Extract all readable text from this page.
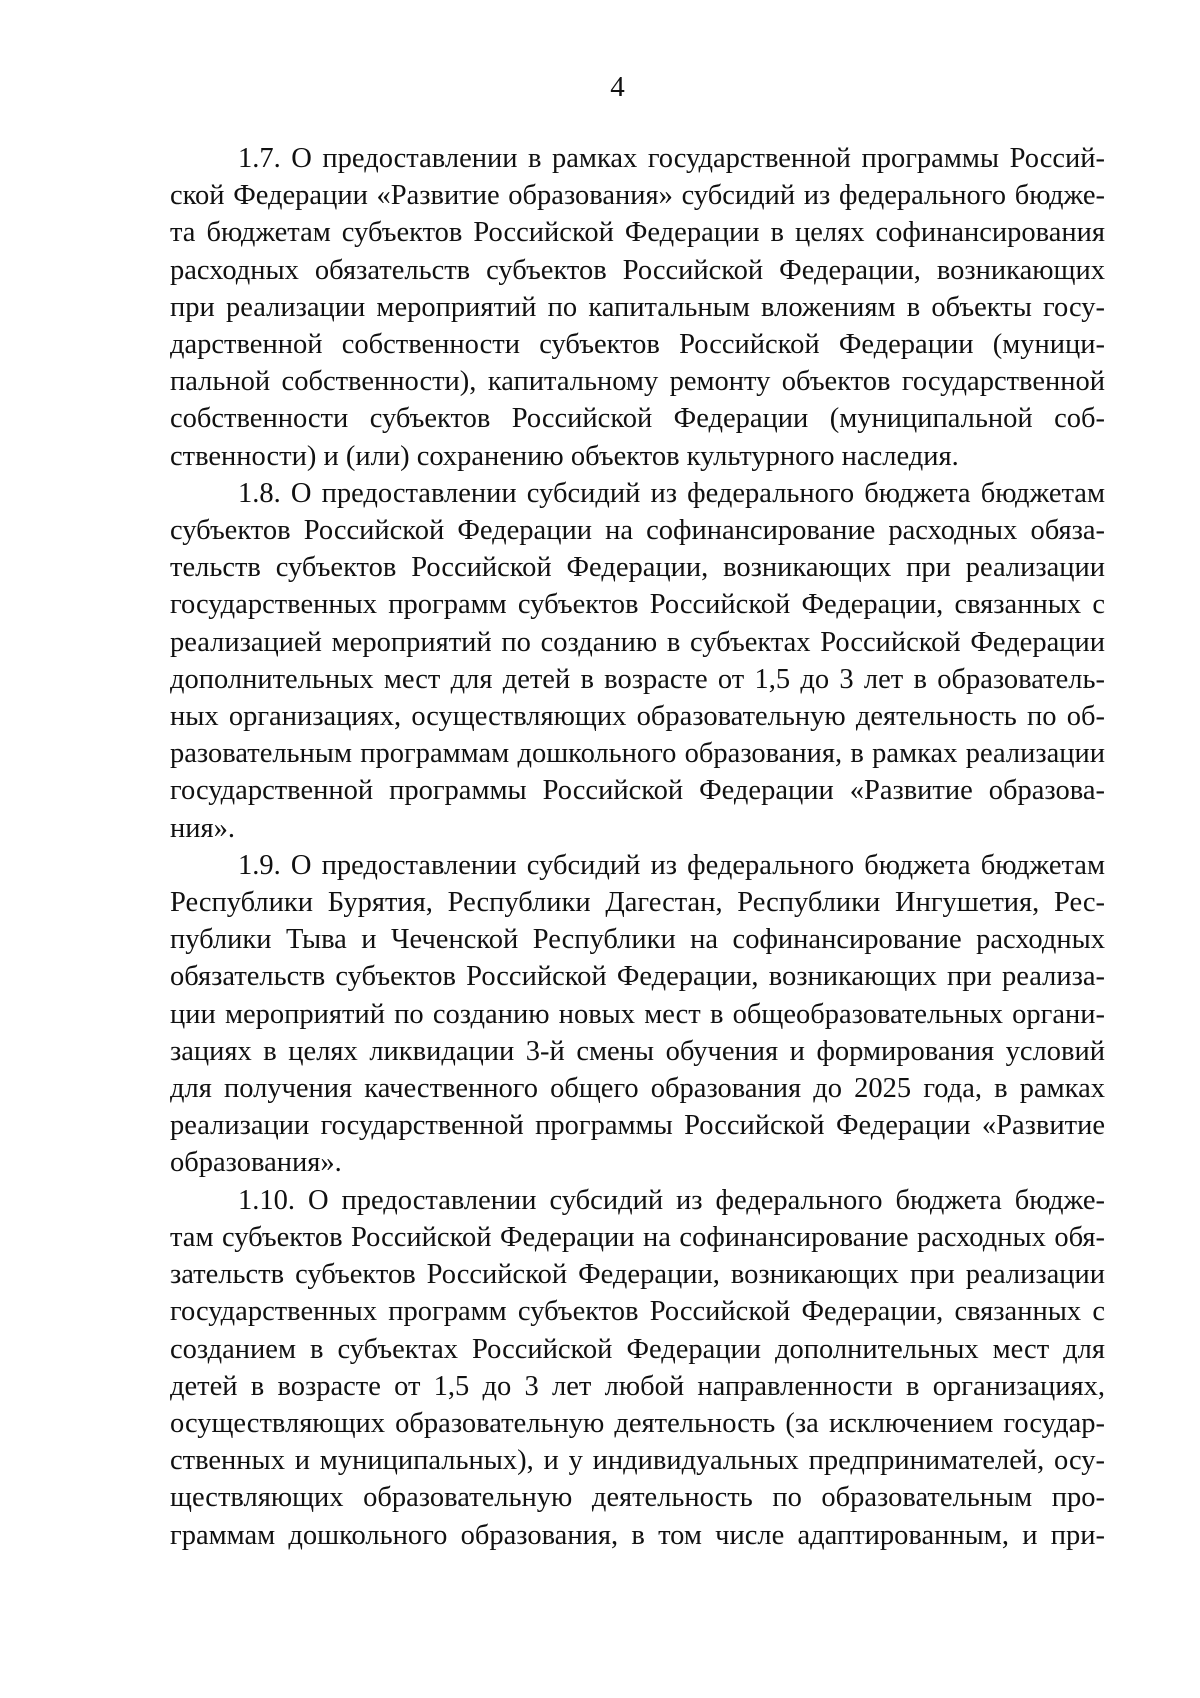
4
1.7. О предоставлении в рамках государственной программы Россий-
ской Федерации «Развитие образования» субсидий из федерального бюдже-
та бюджетам субъектов Российской Федерации в целях софинансирования
расходных обязательств субъектов Российской Федерации, возникающих
при реализации мероприятий по капитальным вложениям в объекты госу-
дарственной собственности субъектов Российской Федерации (муници-
пальной собственности), капитальному ремонту объектов государственной
собственности субъектов Российской Федерации (муниципальной соб-
ственности) и (или) сохранению объектов культурного наследия.
1.8. О предоставлении субсидий из федерального бюджета бюджетам
субъектов Российской Федерации на софинансирование расходных обяза-
тельств субъектов Российской Федерации, возникающих при реализации
государственных программ субъектов Российской Федерации, связанных с
реализацией мероприятий по созданию в субъектах Российской Федерации
дополнительных мест для детей в возрасте от 1,5 до 3 лет в образователь-
ных организациях, осуществляющих образовательную деятельность по об-
разовательным программам дошкольного образования, в рамках реализации
государственной программы Российской Федерации «Развитие образова-
ния».
1.9. О предоставлении субсидий из федерального бюджета бюджетам
Республики Бурятия, Республики Дагестан, Республики Ингушетия, Рес-
публики Тыва и Чеченской Республики на софинансирование расходных
обязательств субъектов Российской Федерации, возникающих при реализа-
ции мероприятий по созданию новых мест в общеобразовательных органи-
зациях в целях ликвидации 3-й смены обучения и формирования условий
для получения качественного общего образования до 2025 года, в рамках
реализации государственной программы Российской Федерации «Развитие
образования».
1.10. О предоставлении субсидий из федерального бюджета бюдже-
там субъектов Российской Федерации на софинансирование расходных обя-
зательств субъектов Российской Федерации, возникающих при реализации
государственных программ субъектов Российской Федерации, связанных с
созданием в субъектах Российской Федерации дополнительных мест для
детей в возрасте от 1,5 до 3 лет любой направленности в организациях,
осуществляющих образовательную деятельность (за исключением государ-
ственных и муниципальных), и у индивидуальных предпринимателей, осу-
ществляющих образовательную деятельность по образовательным про-
граммам дошкольного образования, в том числе адаптированным, и при-
